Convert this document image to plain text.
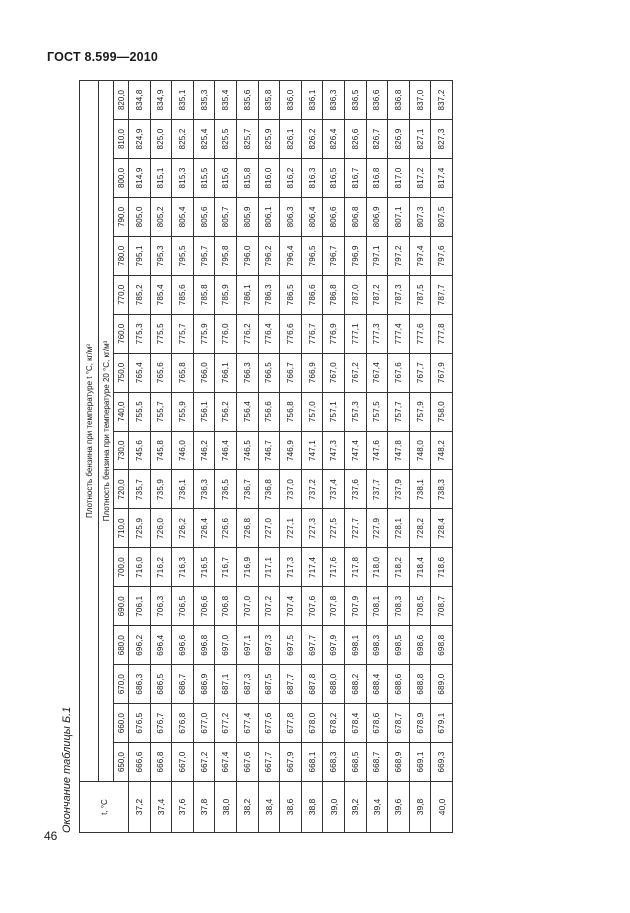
ГОСТ 8.599—2010
Окончание таблицы Б.1	t, °C	Плотность бензина при температуре t °C, кг/м³																	
	Плотность бензина при температуре 20 °C, кг/м³																	
	650,0	660,0	670,0	680,0	690,0	700,0	710,0	720,0	730,0	740,0	750,0	760,0	770,0	780,0	790,0	800,0	810,0	820,0
37,2	666,6	676,5	686,3	696,2	706,1	716,0	725,9	735,7	745,6	755,5	765,4	775,3	785,2	795,1	805,0	814,9	824,9	834,8
37,4	666,8	676,7	686,5	696,4	706,3	716,2	726,0	735,9	745,8	755,7	765,6	775,5	785,4	795,3	805,2	815,1	825,0	834,9
37,6	667,0	676,8	686,7	696,6	706,5	716,3	726,2	736,1	746,0	755,9	765,8	775,7	785,6	795,5	805,4	815,3	825,2	835,1
37,8	667,2	677,0	686,9	696,8	706,6	716,5	726,4	736,3	746,2	756,1	766,0	775,9	785,8	795,7	805,6	815,5	825,4	835,3
38,0	667,4	677,2	687,1	697,0	706,8	716,7	726,6	736,5	746,4	756,2	766,1	776,0	785,9	795,8	805,7	815,6	825,5	835,4
38,2	667,6	677,4	687,3	697,1	707,0	716,9	726,8	736,7	746,5	756,4	766,3	776,2	786,1	796,0	805,9	815,8	825,7	835,6
38,4	667,7	677,6	687,5	697,3	707,2	717,1	727,0	736,8	746,7	756,6	766,5	776,4	786,3	796,2	806,1	816,0	825,9	835,8
38,6	667,9	677,8	687,7	697,5	707,4	717,3	727,1	737,0	746,9	756,8	766,7	776,6	786,5	796,4	806,3	816,2	826,1	836,0
38,8	668,1	678,0	687,8	697,7	707,6	717,4	727,3	737,2	747,1	757,0	766,9	776,7	786,6	796,5	806,4	816,3	826,2	836,1
39,0	668,3	678,2	688,0	697,9	707,8	717,6	727,5	737,4	747,3	757,1	767,0	776,9	786,8	796,7	806,6	816,5	826,4	836,3
39,2	668,5	678,4	688,2	698,1	707,9	717,8	727,7	737,6	747,4	757,3	767,2	777,1	787,0	796,9	806,8	816,7	826,6	836,5
39,4	668,7	678,6	688,4	698,3	708,1	718,0	727,9	737,7	747,6	757,5	767,4	777,3	787,2	797,1	806,9	816,8	826,7	836,6
39,6	668,9	678,7	688,6	698,5	708,3	718,2	728,1	737,9	747,8	757,7	767,6	777,4	787,3	797,2	807,1	817,0	826,9	836,8
39,8	669,1	678,9	688,8	698,6	708,5	718,4	728,2	738,1	748,0	757,9	767,7	777,6	787,5	797,4	807,3	817,2	827,1	837,0
40,0	669,3	679,1	689,0	698,8	708,7	718,6	728,4	738,3	748,2	758,0	767,9	777,8	787,7	797,6	807,5	817,4	827,3	837,2
46
